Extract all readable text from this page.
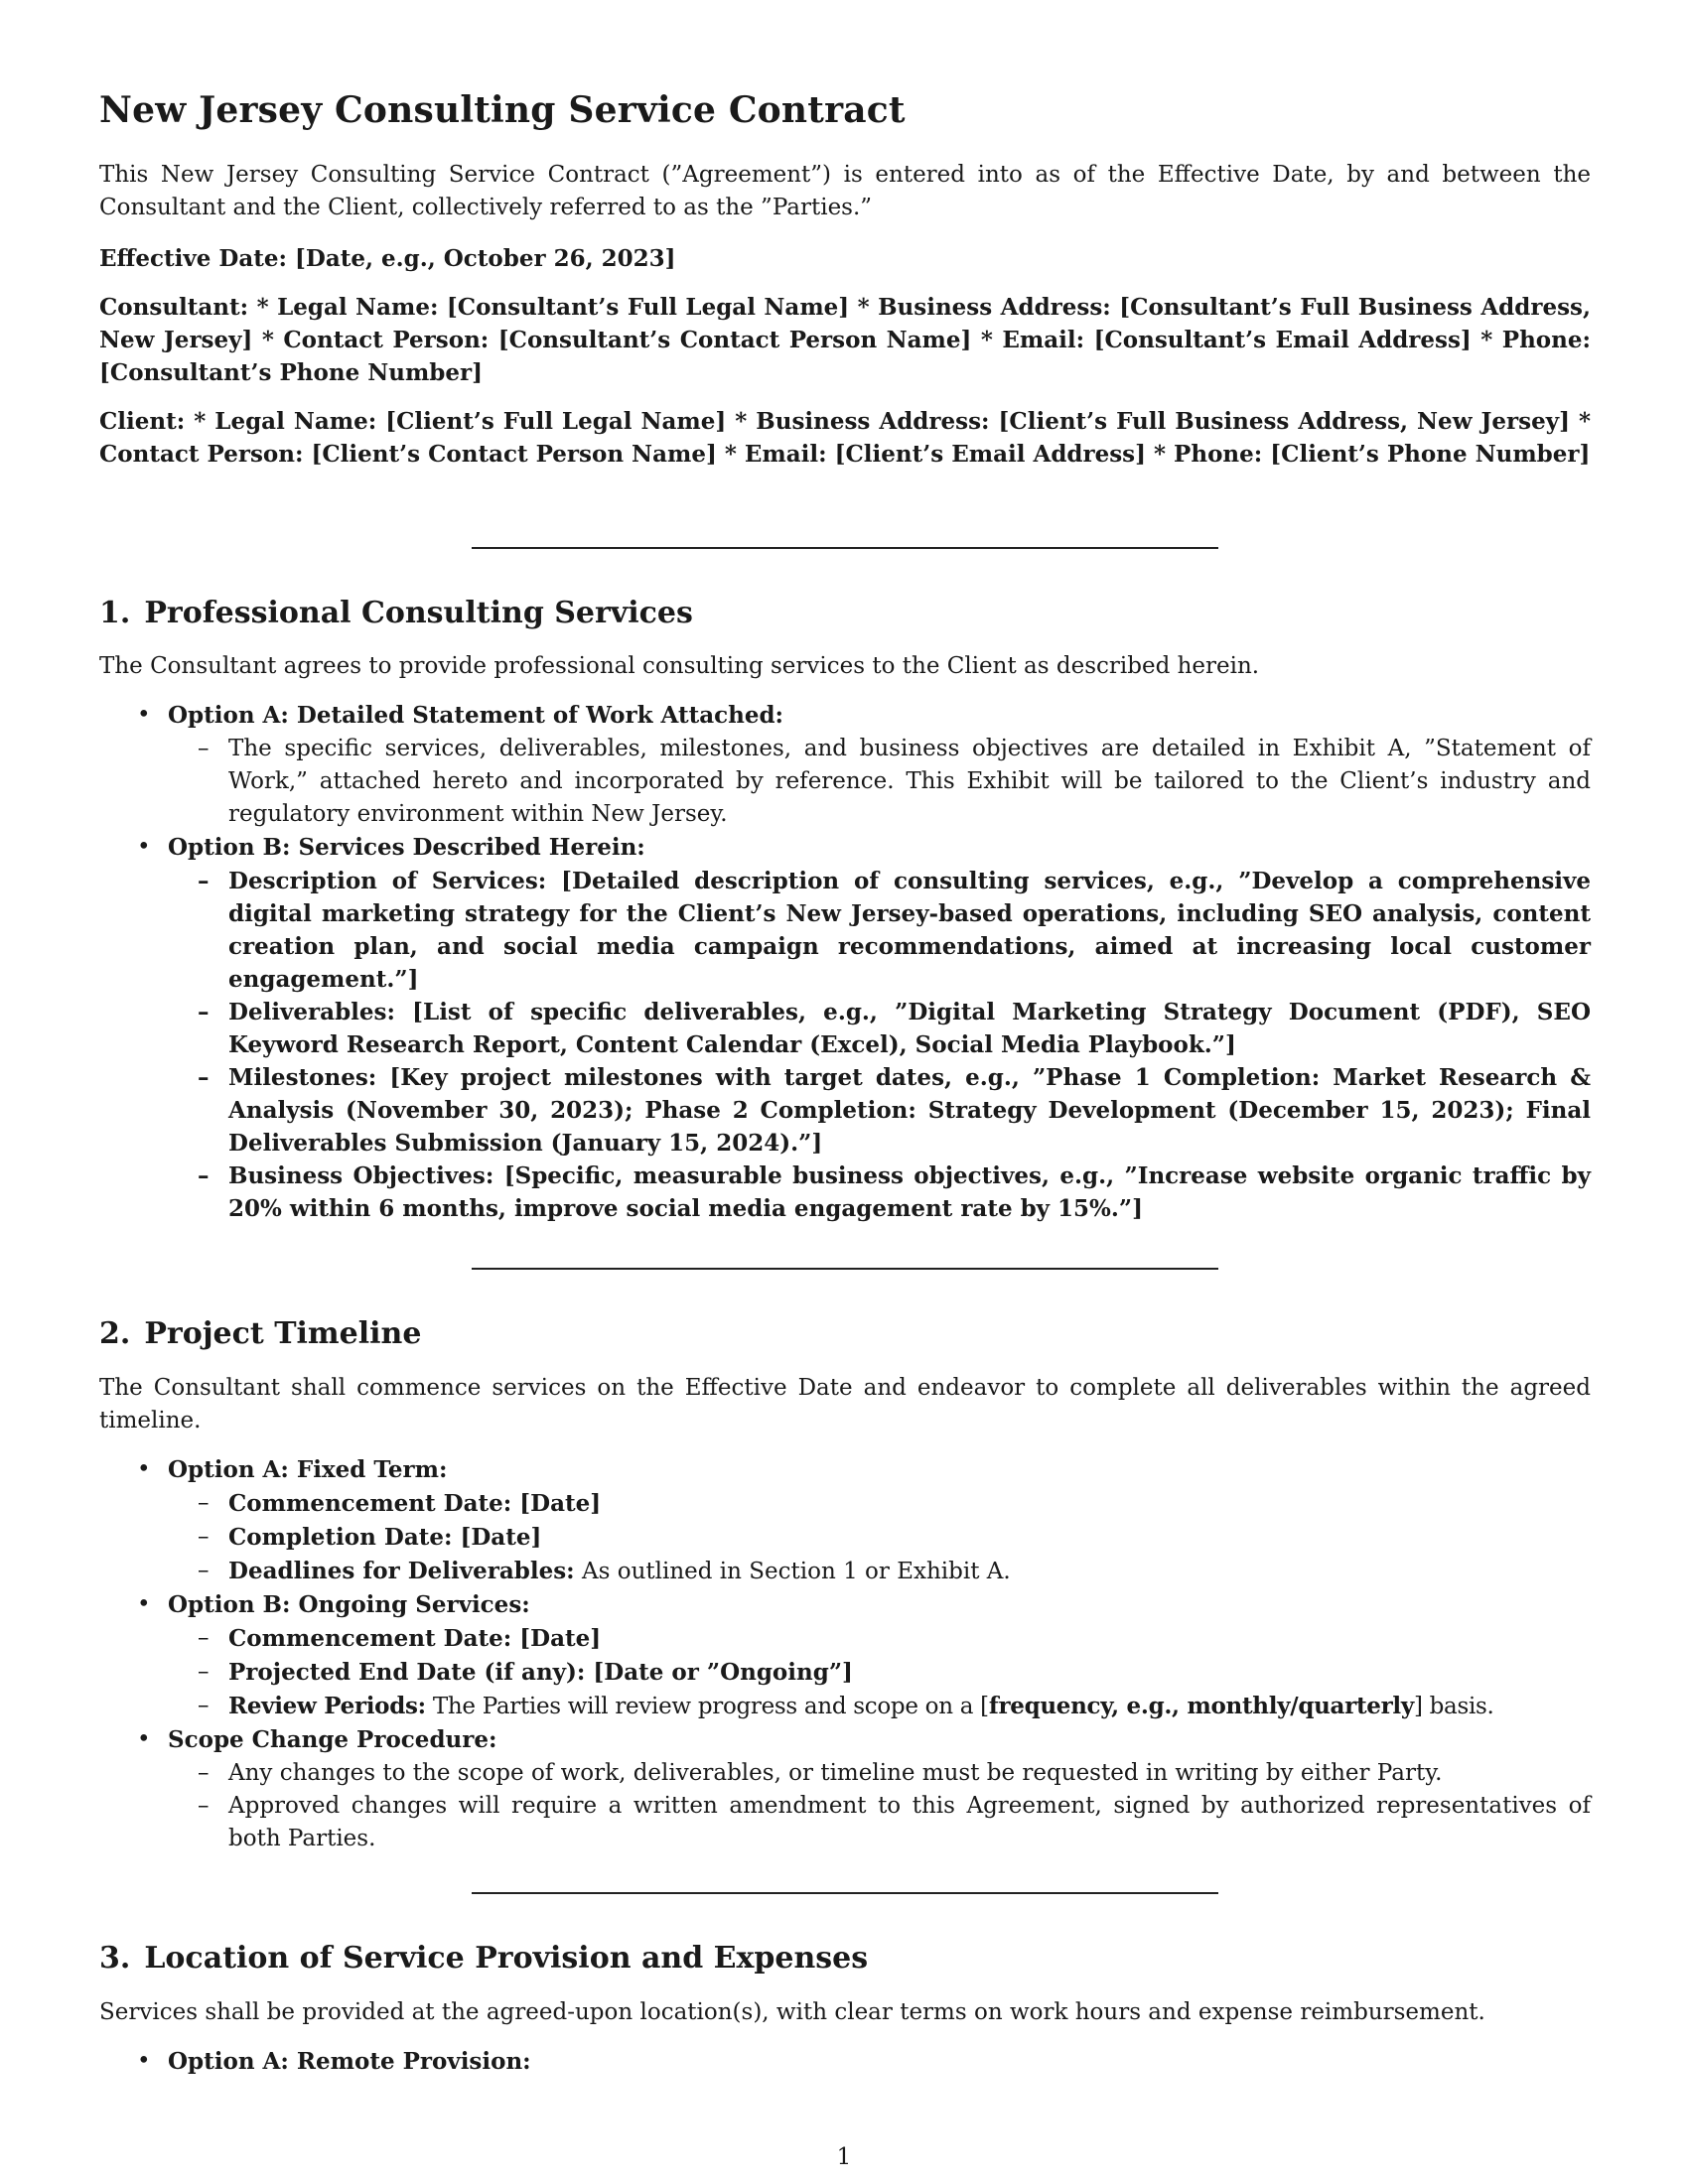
New Jersey Consulting Service Contract

This New Jersey Consulting Service Contract (”Agreement”) is entered into as of the Effective Date, by and between the Consultant and the Client, collectively referred to as the ”Parties.”

Effective Date: [Date, e.g., October 26, 2023]

Consultant: * Legal Name: [Consultant’s Full Legal Name] * Business Address: [Consultant’s Full Business Address, New Jersey] * Contact Person: [Consultant’s Contact Person Name] * Email: [Consultant’s Email Address] * Phone: [Consultant’s Phone Number]

Client: * Legal Name: [Client’s Full Legal Name] * Business Address: [Client’s Full Business Address, New Jersey] * Contact Person: [Client’s Contact Person Name] * Email: [Client’s Email Address] * Phone: [Client’s Phone Number]

1. Professional Consulting Services

The Consultant agrees to provide professional consulting services to the Client as described herein.

• Option A: Detailed Statement of Work Attached:
– The specific services, deliverables, milestones, and business objectives are detailed in Exhibit A, ”Statement of Work,” attached hereto and incorporated by reference. This Exhibit will be tailored to the Client’s industry and regulatory environment within New Jersey.
• Option B: Services Described Herein:
– Description of Services: [Detailed description of consulting services, e.g., ”Develop a comprehensive digital marketing strategy for the Client’s New Jersey-based operations, including SEO analysis, content creation plan, and social media campaign recommendations, aimed at increasing local customer engagement.”]
– Deliverables: [List of specific deliverables, e.g., ”Digital Marketing Strategy Document (PDF), SEO Keyword Research Report, Content Calendar (Excel), Social Media Playbook.”]
– Milestones: [Key project milestones with target dates, e.g., ”Phase 1 Completion: Market Research & Analysis (November 30, 2023); Phase 2 Completion: Strategy Development (December 15, 2023); Final Deliverables Submission (January 15, 2024).”]
– Business Objectives: [Specific, measurable business objectives, e.g., ”Increase website organic traffic by 20% within 6 months, improve social media engagement rate by 15%.”]
2. Project Timeline

The Consultant shall commence services on the Effective Date and endeavor to complete all deliverables within the agreed timeline.

• Option A: Fixed Term:
– Commencement Date: [Date]
– Completion Date: [Date]
– Deadlines for Deliverables: As outlined in Section 1 or Exhibit A.
• Option B: Ongoing Services:
– Commencement Date: [Date]
– Projected End Date (if any): [Date or ”Ongoing”]
– Review Periods: The Parties will review progress and scope on a [frequency, e.g., monthly/quarterly] basis.
• Scope Change Procedure:
– Any changes to the scope of work, deliverables, or timeline must be requested in writing by either Party.
– Approved changes will require a written amendment to this Agreement, signed by authorized representatives of both Parties.
3. Location of Service Provision and Expenses

Services shall be provided at the agreed-upon location(s), with clear terms on work hours and expense reimbursement.

• Option A: Remote Provision:
1
